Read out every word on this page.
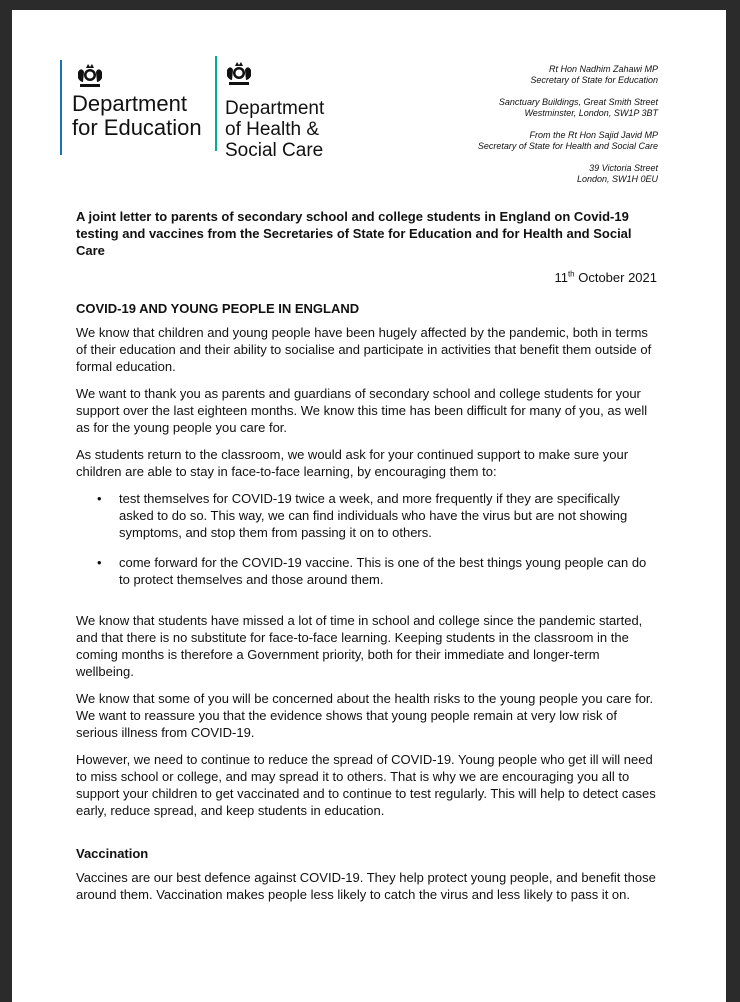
Department
for Education
Department
of Health &
Social Care

Rt Hon Nadhim Zahawi MP
Secretary of State for Education

Sanctuary Buildings, Great Smith Street
Westminster, London, SW1P 3BT

From the Rt Hon Sajid Javid MP
Secretary of State for Health and Social Care

39 Victoria Street
London, SW1H 0EU

A joint letter to parents of secondary school and college students in England on Covid-19 testing and vaccines from the Secretaries of State for Education and for Health and Social Care

11th October 2021

COVID-19 AND YOUNG PEOPLE IN ENGLAND

We know that children and young people have been hugely affected by the pandemic, both in terms of their education and their ability to socialise and participate in activities that benefit them outside of formal education.

We want to thank you as parents and guardians of secondary school and college students for your support over the last eighteen months. We know this time has been difficult for many of you, as well as for the young people you care for.

As students return to the classroom, we would ask for your continued support to make sure your children are able to stay in face-to-face learning, by encouraging them to:

• test themselves for COVID-19 twice a week, and more frequently if they are specifically asked to do so. This way, we can find individuals who have the virus but are not showing symptoms, and stop them from passing it on to others.
• come forward for the COVID-19 vaccine. This is one of the best things young people can do to protect themselves and those around them.

We know that students have missed a lot of time in school and college since the pandemic started, and that there is no substitute for face-to-face learning. Keeping students in the classroom in the coming months is therefore a Government priority, both for their immediate and longer-term wellbeing.

We know that some of you will be concerned about the health risks to the young people you care for. We want to reassure you that the evidence shows that young people remain at very low risk of serious illness from COVID-19.

However, we need to continue to reduce the spread of COVID-19. Young people who get ill will need to miss school or college, and may spread it to others. That is why we are encouraging you all to support your children to get vaccinated and to continue to test regularly. This will help to detect cases early, reduce spread, and keep students in education.

Vaccination

Vaccines are our best defence against COVID-19. They help protect young people, and benefit those around them. Vaccination makes people less likely to catch the virus and less likely to pass it on.
